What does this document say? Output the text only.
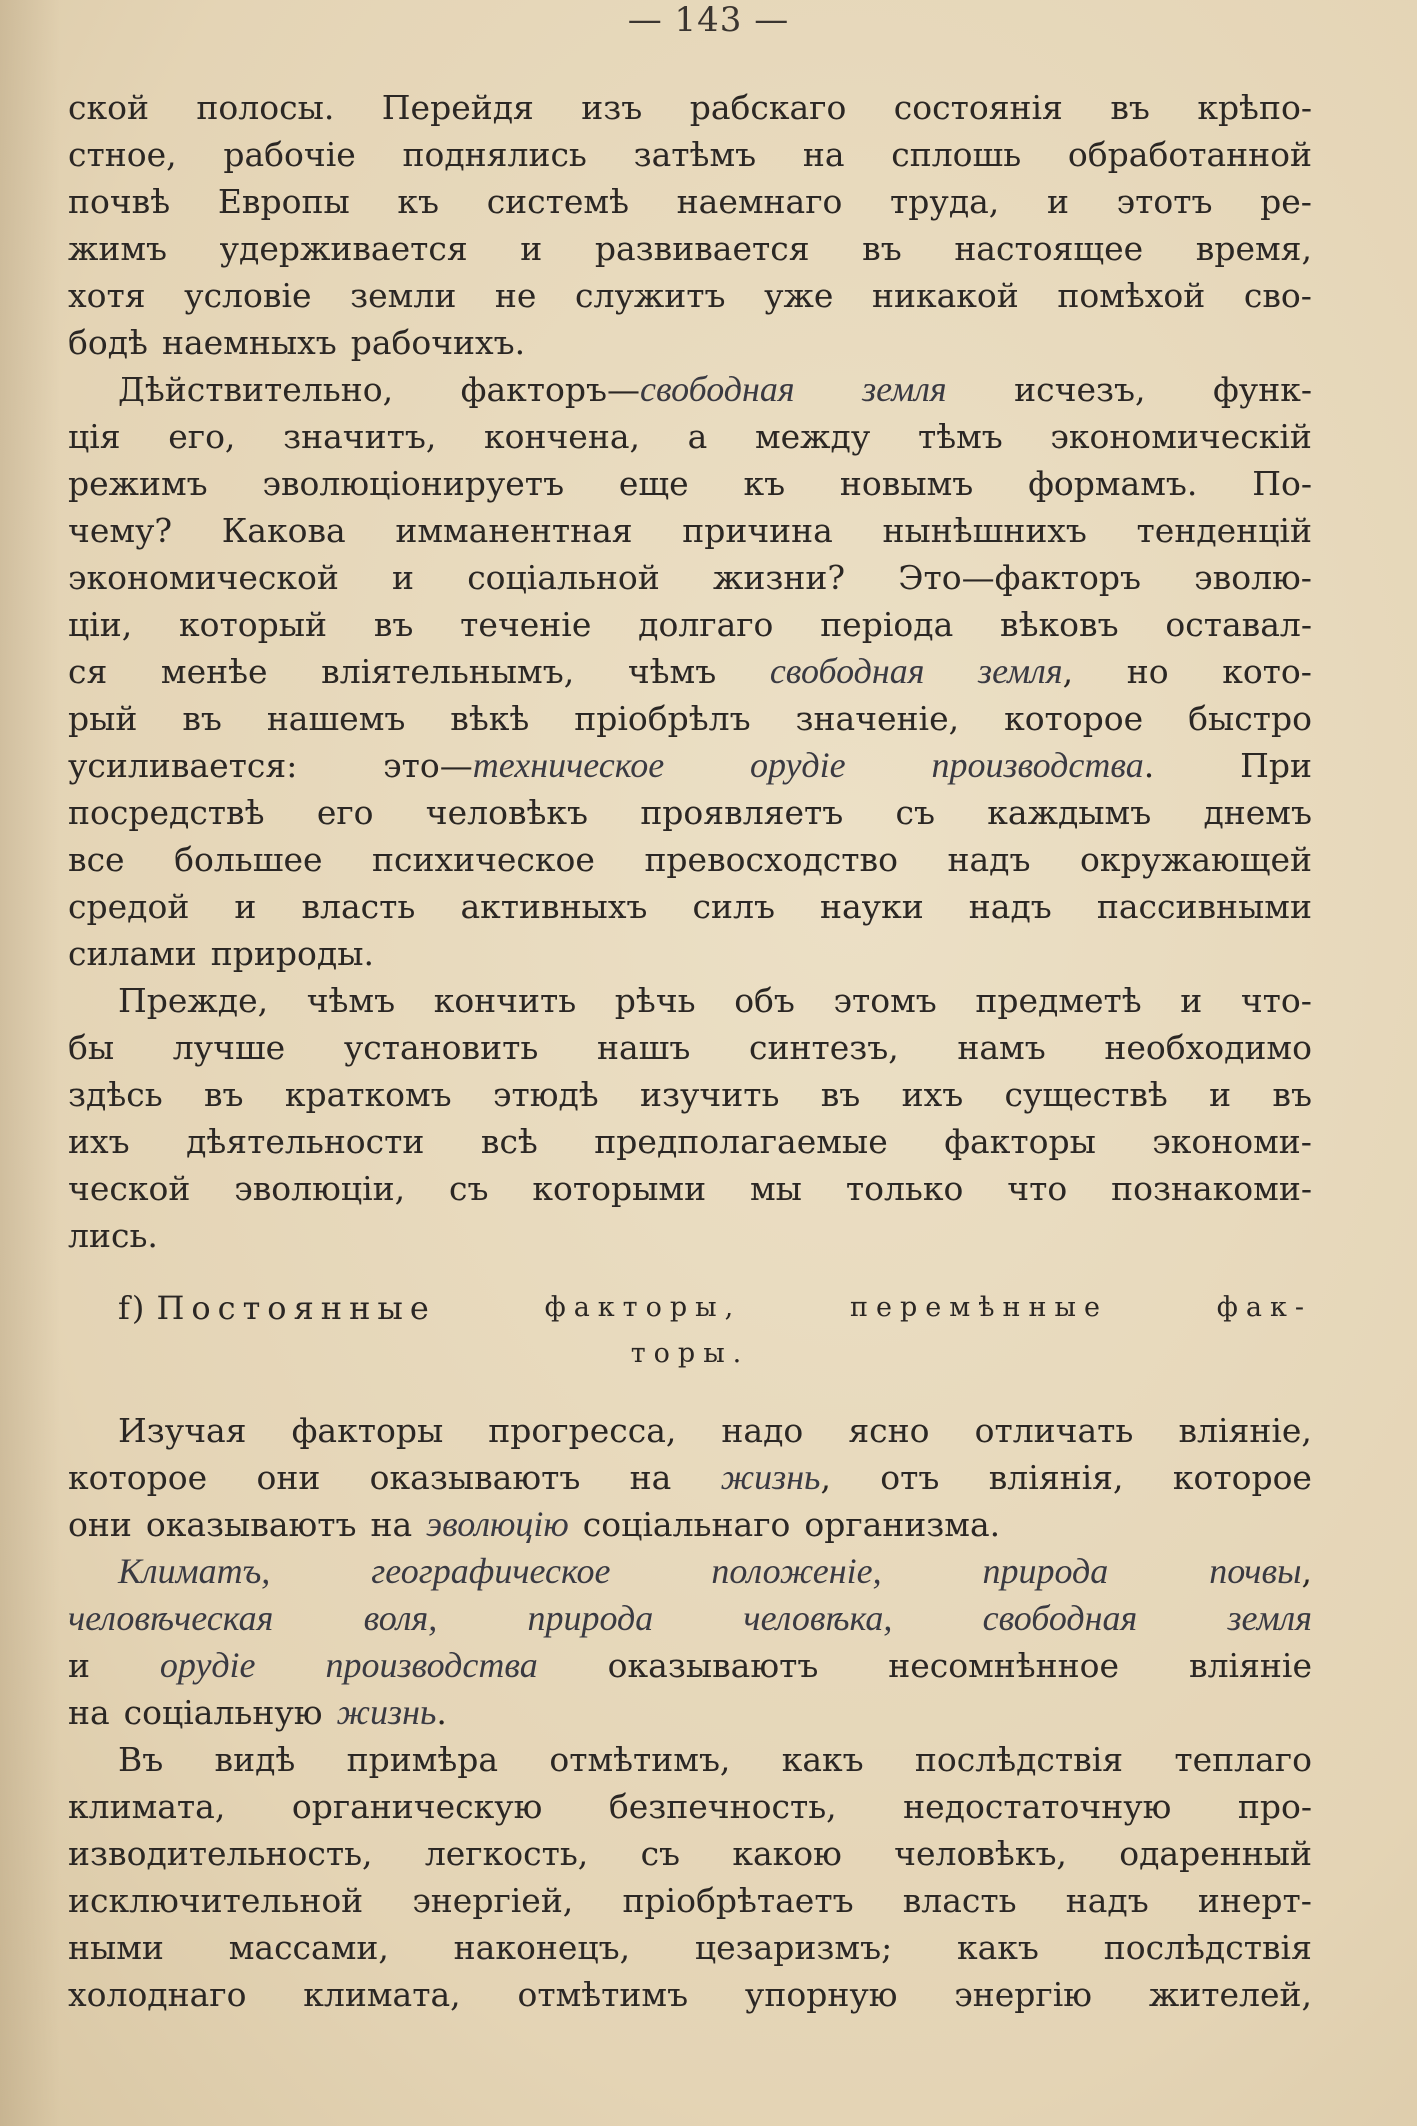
— 143 —
ской полосы. Перейдя изъ рабскаго состоянія въ крѣпо-
стное, рабочіе поднялись затѣмъ на сплошь обработанной
почвѣ Европы къ системѣ наемнаго труда, и этотъ ре-
жимъ удерживается и развивается въ настоящее время,
хотя условіе земли не служитъ уже никакой помѣхой сво-
бодѣ наемныхъ рабочихъ.
Дѣйствительно, факторъ—свободная земля исчезъ, функ-
ція его, значитъ, кончена, а между тѣмъ экономическій
режимъ эволюціонируетъ еще къ новымъ формамъ. По-
чему? Какова имманентная причина нынѣшнихъ тенденцій
экономической и соціальной жизни? Это—факторъ эволю-
ціи, который въ теченіе долгаго періода вѣковъ оставал-
ся менѣе вліятельнымъ, чѣмъ свободная земля, но кото-
рый въ нашемъ вѣкѣ пріобрѣлъ значеніе, которое быстро
усиливается:	это—техническое орудіе производства.	При
посредствѣ его человѣкъ проявляетъ съ каждымъ днемъ
все большее психическое превосходство надъ окружающей
средой и власть активныхъ силъ науки надъ пассивными
силами природы.
Прежде, чѣмъ кончить рѣчь объ этомъ предметѣ и что-
бы лучше установить нашъ синтезъ, намъ необходимо
здѣсь въ краткомъ этюдѣ изучить въ ихъ существѣ и въ
ихъ дѣятельности всѣ предполагаемые факторы экономи-
ческой эволюціи, съ которыми мы только что познакоми-
лись.
f) Постоянные	факторы,	перемѣнные	фак-
торы.
Изучая факторы прогресса, надо ясно отличать вліяніе,
которое они оказываютъ на жизнь, отъ вліянія, которое
они оказываютъ на эволюцію соціальнаго организма.
Климатъ,	географическое	положеніе,	природа	почвы,
человѣческая	воля,	природа	человѣка,	свободная	земля
и орудіе производства оказываютъ несомнѣнное вліяніе
на соціальную жизнь.
Въ видѣ примѣра отмѣтимъ, какъ послѣдствія теплаго
климата, органическую безпечность, недостаточную про-
изводительность, легкость, съ какою человѣкъ, одаренный
исключительной энергіей, пріобрѣтаетъ власть надъ инерт-
ными массами, наконецъ, цезаризмъ; какъ послѣдствія
холоднаго климата, отмѣтимъ упорную энергію жителей,
